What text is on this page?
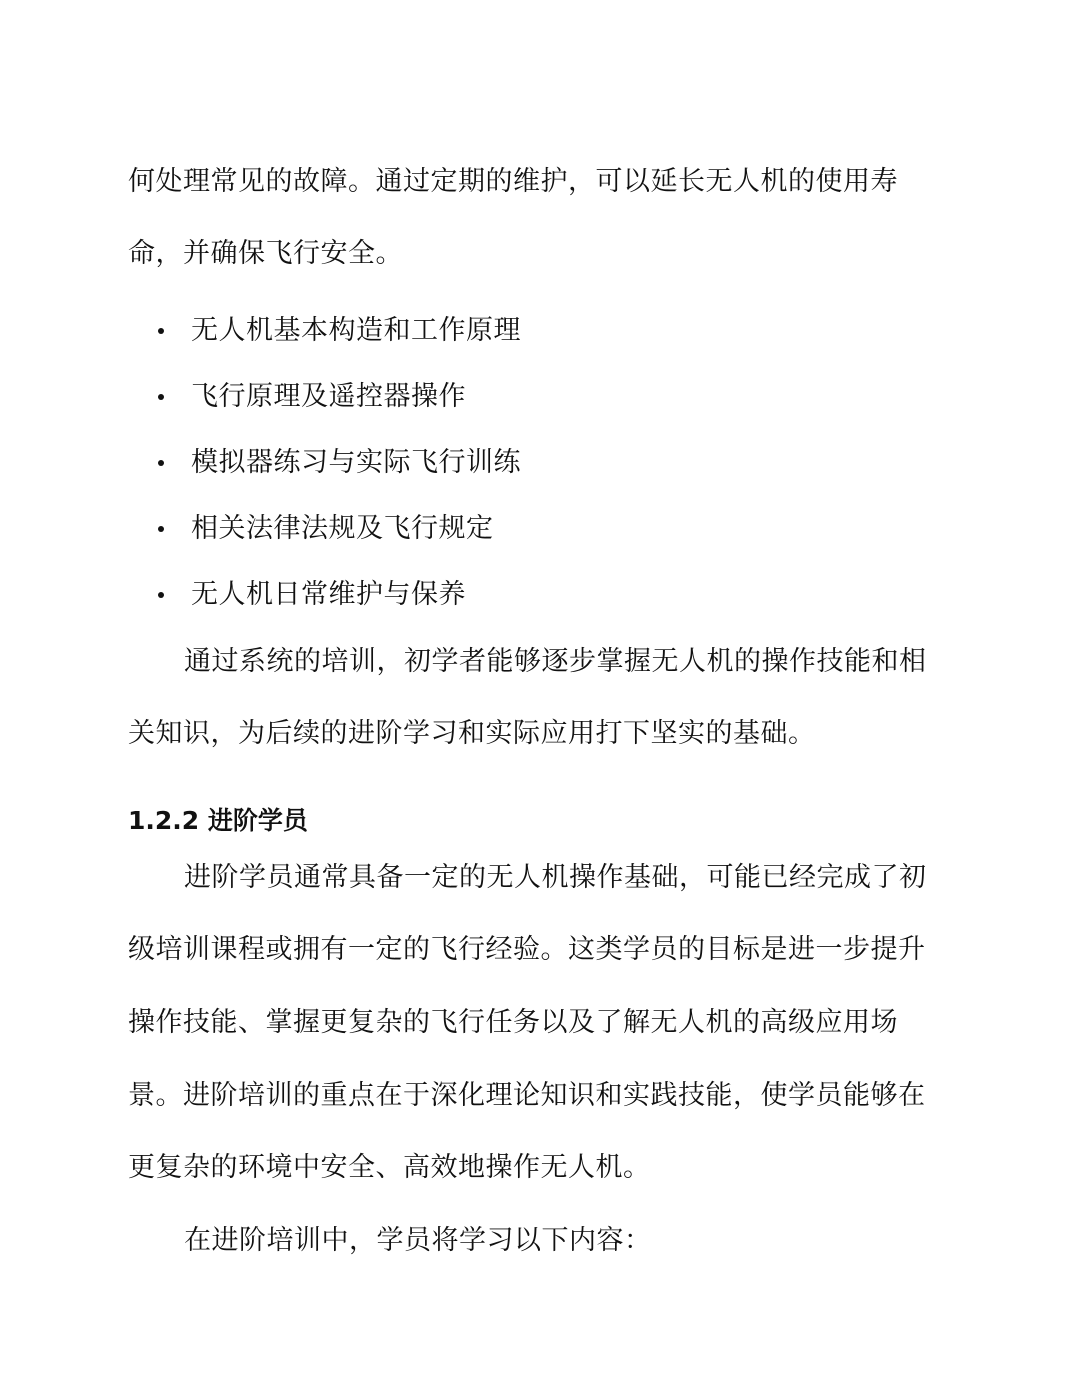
何处理常见的故障。通过定期的维护，可以延长无人机的使用寿
命，并确保飞行安全。
无人机基本构造和工作原理
飞行原理及遥控器操作
模拟器练习与实际飞行训练
相关法律法规及飞行规定
无人机日常维护与保养
通过系统的培训，初学者能够逐步掌握无人机的操作技能和相
关知识，为后续的进阶学习和实际应用打下坚实的基础。
1.2.2 进阶学员
进阶学员通常具备一定的无人机操作基础，可能已经完成了初
级培训课程或拥有一定的飞行经验。这类学员的目标是进一步提升
操作技能、掌握更复杂的飞行任务以及了解无人机的高级应用场
景。进阶培训的重点在于深化理论知识和实践技能，使学员能够在
更复杂的环境中安全、高效地操作无人机。
在进阶培训中，学员将学习以下内容：
